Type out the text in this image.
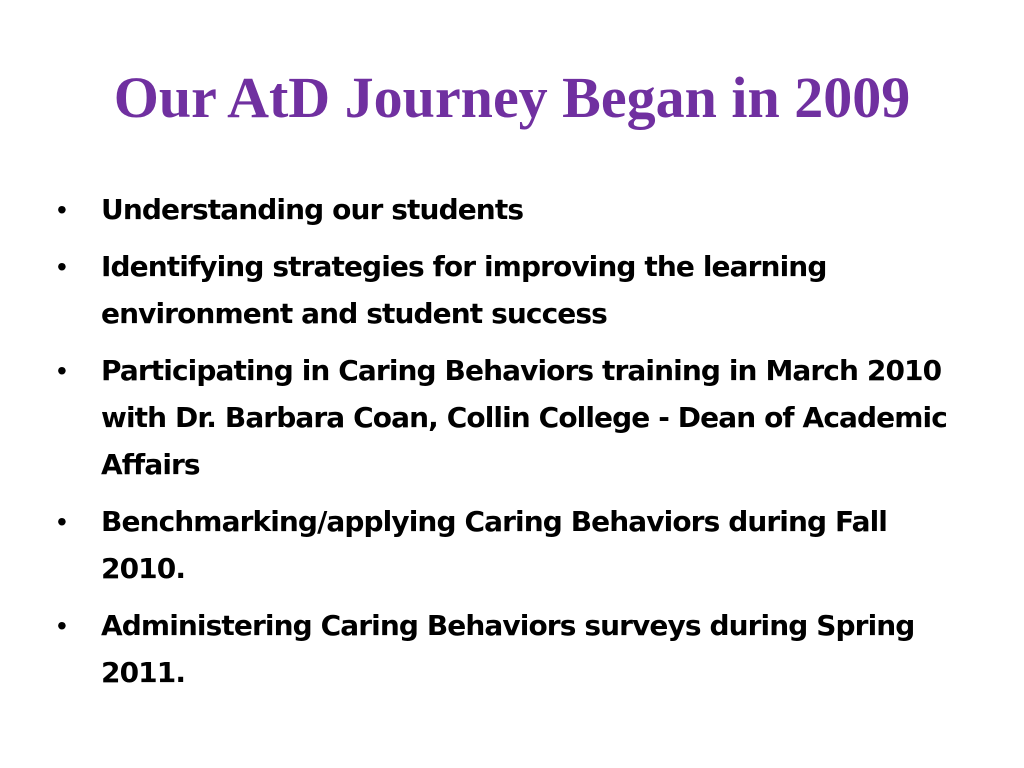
Our AtD Journey Began in 2009
•	Understanding our students
•	Identifying strategies for improving the learning environment and student success
•	Participating in Caring Behaviors training in March 2010 with Dr. Barbara Coan, Collin College - Dean of Academic Affairs
•	Benchmarking/applying Caring Behaviors during Fall 2010.
•	Administering Caring Behaviors surveys during Spring 2011.
